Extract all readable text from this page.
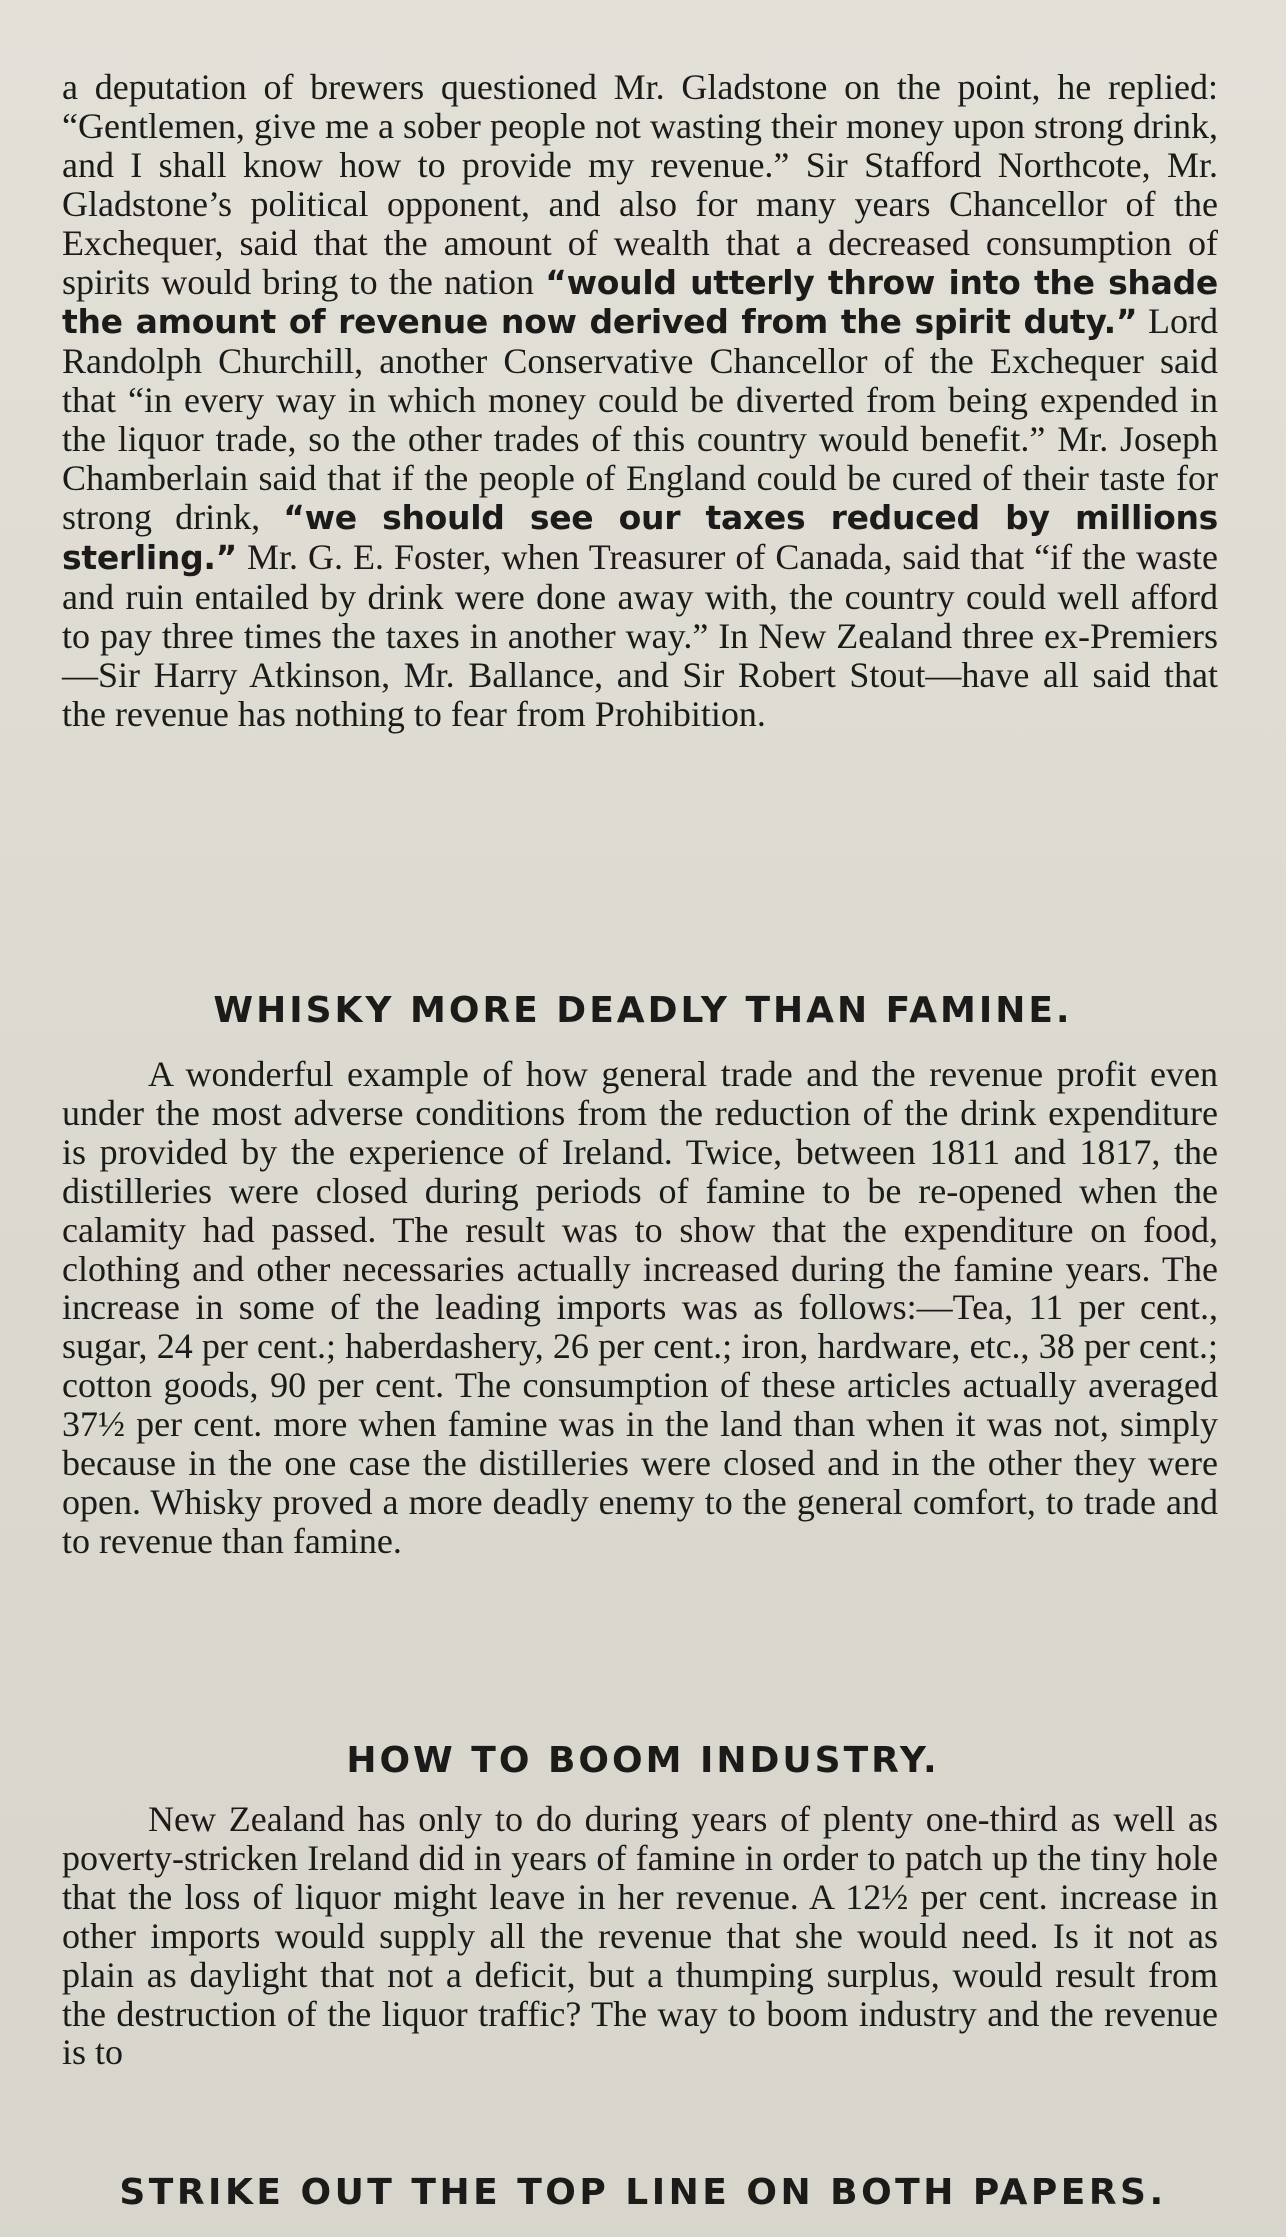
a deputation of brewers questioned Mr. Gladstone on the point, he replied: “Gentlemen, give me a sober people not wasting their money upon strong drink, and I shall know how to provide my revenue.” Sir Stafford Northcote, Mr. Gladstone’s political opponent, and also for many years Chancellor of the Exchequer, said that the amount of wealth that a decreased consumption of spirits would bring to the nation “would utterly throw into the shade the amount of revenue now derived from the spirit duty.” Lord Randolph Churchill, another Conservative Chancellor of the Exchequer said that “in every way in which money could be diverted from being expended in the liquor trade, so the other trades of this country would benefit.” Mr. Joseph Chamberlain said that if the people of England could be cured of their taste for strong drink, “we should see our taxes reduced by millions sterling.” Mr. G. E. Foster, when Treasurer of Canada, said that “if the waste and ruin entailed by drink were done away with, the country could well afford to pay three times the taxes in another way.” In New Zealand three ex-Premiers—Sir Harry Atkinson, Mr. Ballance, and Sir Robert Stout—have all said that the revenue has nothing to fear from Prohibition.

WHISKY MORE DEADLY THAN FAMINE.

A wonderful example of how general trade and the revenue profit even under the most adverse conditions from the reduction of the drink expenditure is provided by the experience of Ireland. Twice, between 1811 and 1817, the distilleries were closed during periods of famine to be re-opened when the calamity had passed. The result was to show that the expenditure on food, clothing and other necessaries actually increased during the famine years. The increase in some of the leading imports was as follows:—Tea, 11 per cent., sugar, 24 per cent.; haberdashery, 26 per cent.; iron, hardware, etc., 38 per cent.; cotton goods, 90 per cent. The consumption of these articles actually averaged 37½ per cent. more when famine was in the land than when it was not, simply because in the one case the distilleries were closed and in the other they were open. Whisky proved a more deadly enemy to the general comfort, to trade and to revenue than famine.

HOW TO BOOM INDUSTRY.

New Zealand has only to do during years of plenty one-third as well as poverty-stricken Ireland did in years of famine in order to patch up the tiny hole that the loss of liquor might leave in her revenue. A 12½ per cent. increase in other imports would supply all the revenue that she would need. Is it not as plain as daylight that not a deficit, but a thumping surplus, would result from the destruction of the liquor traffic? The way to boom industry and the revenue is to

STRIKE OUT THE TOP LINE ON BOTH PAPERS.
